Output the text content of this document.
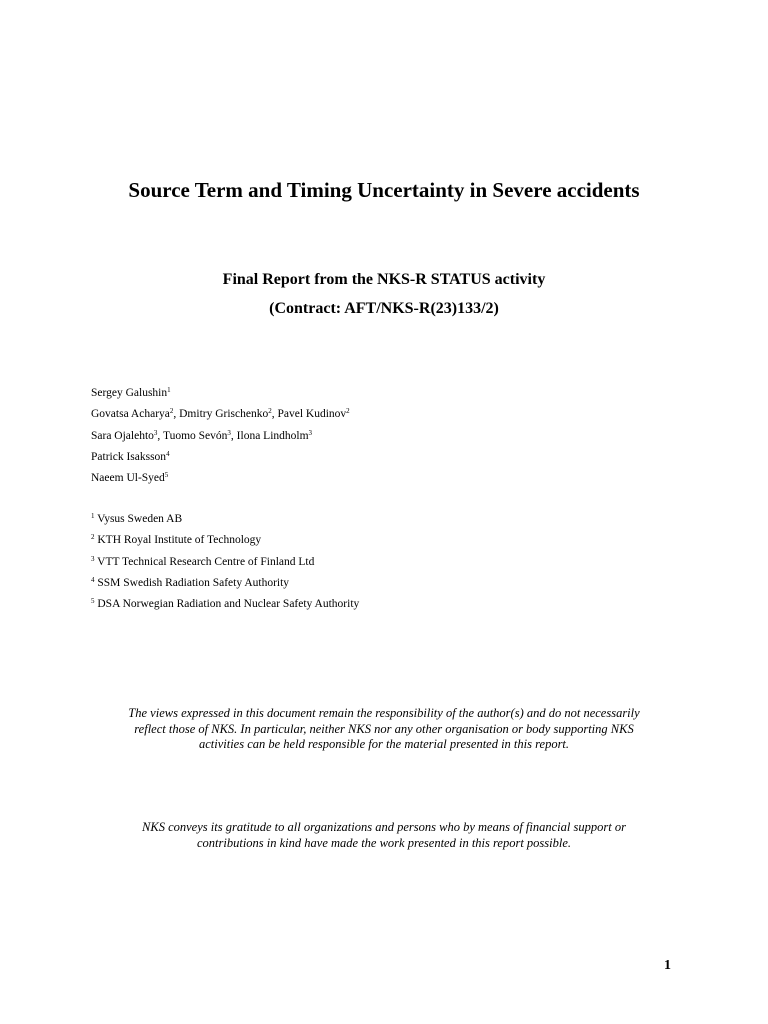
Source Term and Timing Uncertainty in Severe accidents
Final Report from the NKS-R STATUS activity
(Contract: AFT/NKS-R(23)133/2)
Sergey Galushin$^1$
Govatsa Acharya$^2$, Dmitry Grischenko$^2$, Pavel Kudinov$^2$
Sara Ojalehto$^3$, Tuomo Sevón$^3$, Ilona Lindholm$^3$
Patrick Isaksson$^4$
Naeem Ul-Syed$^5$
$^1$ Vysus Sweden AB
$^2$ KTH Royal Institute of Technology
$^3$ VTT Technical Research Centre of Finland Ltd
$^4$ SSM Swedish Radiation Safety Authority
$^5$ DSA Norwegian Radiation and Nuclear Safety Authority
The views expressed in this document remain the responsibility of the author(s) and do not necessarily
reflect those of NKS. In particular, neither NKS nor any other organisation or body supporting NKS
activities can be held responsible for the material presented in this report.
NKS conveys its gratitude to all organizations and persons who by means of financial support or
contributions in kind have made the work presented in this report possible.
1
